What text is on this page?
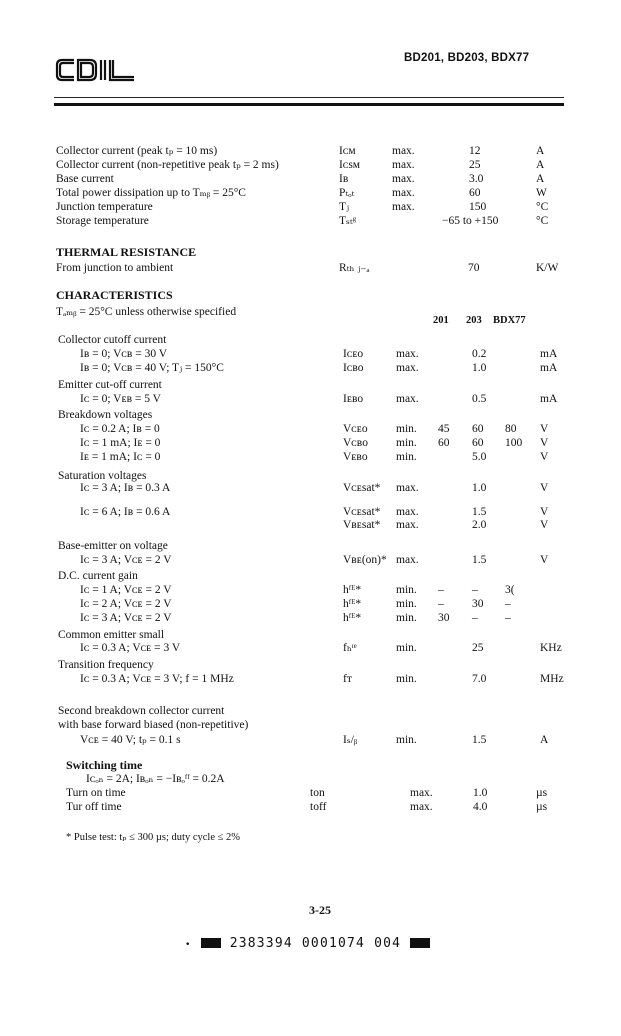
CDIL	BD201, BD203, BDX77
Collector current (peak tₚ = 10 ms)	Iᴄᴍ	max.	12	A
Collector current (non-repetitive peak tₚ = 2 ms)	Iᴄsᴍ	max.	25	A
Base current	Iʙ	max.	3.0	A
Total power dissipation up to Tₘᵦ = 25°C	Pₜₒₜ	max.	60	W
Junction temperature	Tⱼ	max.	150	°C
Storage temperature	Tₛₜᵍ	−65 to +150	°C
THERMAL RESISTANCE
From junction to ambient	Rₜₕ ⱼ₋ₐ	70	K/W
CHARACTERISTICS
Tₐₘᵦ = 25°C unless otherwise specified
201 203 BDX77
Collector cutoff current
Iʙ = 0; Vᴄʙ = 30 V	Iᴄᴇᴏ	max.	0.2	mA
Iʙ = 0; Vᴄʙ = 40 V; Tⱼ = 150°C	Iᴄʙᴏ	max.	1.0	mA
Emitter cut-off current
Iᴄ = 0; Vᴇʙ = 5 V	Iᴇʙᴏ	max.	0.5	mA
Breakdown voltages
Iᴄ = 0.2 A; Iʙ = 0	Vᴄᴇᴏ min. 45 60 80 V
Iᴄ = 1 mA; Iᴇ = 0	Vᴄʙᴏ min. 60 60 100 V
Iᴇ = 1 mA; Iᴄ = 0	Vᴇʙᴏ min.	5.0	V
Saturation voltages
Iᴄ = 3 A; Iʙ = 0.3 A	Vᴄᴇsat* max.	1.0	V
Iᴄ = 6 A; Iʙ = 0.6 A	Vᴄᴇsat* max.	1.5	V
Vʙᴇsat* max.	2.0	V
Base-emitter on voltage
Iᴄ = 3 A; Vᴄᴇ = 2 V	Vʙᴇ(on)* max.	1.5	V
D.C. current gain
Iᴄ = 1 A; Vᴄᴇ = 2 V	hᶠᴱ*	min. – – 3(
Iᴄ = 2 A; Vᴄᴇ = 2 V	hᶠᴱ*	min. – 30 –
Iᴄ = 3 A; Vᴄᴇ = 2 V	hᶠᴱ*	min. 30 – –
Common emitter small
Iᴄ = 0.3 A; Vᴄᴇ = 3 V	fₕᶦᵉ	min.	25	KHz
Transition frequency
Iᴄ = 0.3 A; Vᴄᴇ = 3 V; f = 1 MHz	fᴛ	min.	7.0	MHz
Second breakdown collector current
with base forward biased (non-repetitive)
Vᴄᴇ = 40 V; tₚ = 0.1 s	Iₛ/ᵦ	min.	1.5	A
Switching time
Iᴄₒₙ = 2A; Iʙₒₙ = −Iʙₒᶠᶠ = 0.2A
Turn on time	ton	max.	1.0	µs
Tur off time	toff	max.	4.0	µs
* Pulse test: tₚ ≤ 300 µs; duty cycle ≤ 2%
3-25
•	2383394 0001074 004
